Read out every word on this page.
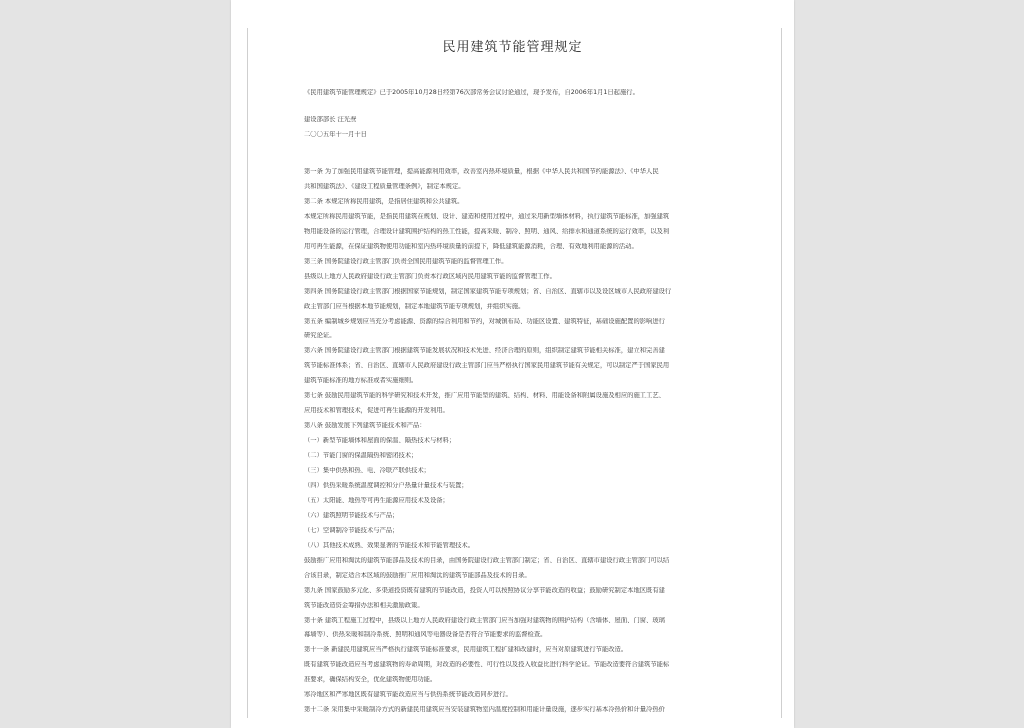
民用建筑节能管理规定
《民用建筑节能管理规定》已于2005年10月28日经第76次部常务会议讨论通过，现予发布，自2006年1月1日起施行。
建设部部长 汪光焘
二〇〇五年十一月十日
第一条 为了加强民用建筑节能管理，提高能源利用效率，改善室内热环境质量，根据《中华人民共和国节约能源法》、《中华人民
共和国建筑法》、《建设工程质量管理条例》，制定本规定。
第二条 本规定所称民用建筑，是指居住建筑和公共建筑。
本规定所称民用建筑节能，是指民用建筑在规划、设计、建造和使用过程中，通过采用新型墙体材料，执行建筑节能标准，加强建筑
物用能设备的运行管理，合理设计建筑围护结构的热工性能，提高采暖、制冷、照明、通风、给排水和通道系统的运行效率，以及利
用可再生能源，在保证建筑物使用功能和室内热环境质量的前提下，降低建筑能源消耗，合理、有效地利用能源的活动。
第三条 国务院建设行政主管部门负责全国民用建筑节能的监督管理工作。
县级以上地方人民政府建设行政主管部门负责本行政区域内民用建筑节能的监督管理工作。
第四条 国务院建设行政主管部门根据国家节能规划，制定国家建筑节能专项规划；省、自治区、直辖市以及设区城市人民政府建设行
政主管部门应当根据本地节能规划，制定本地建筑节能专项规划，并组织实施。
第五条 编制城乡规划应当充分考虑能源、资源的综合利用和节约，对城镇布局、功能区设置、建筑特征，基础设施配置的影响进行
研究论证。
第六条 国务院建设行政主管部门根据建筑节能发展状况和技术先进、经济合理的原则，组织制定建筑节能相关标准，建立和完善建
筑节能标准体系；省、自治区、直辖市人民政府建设行政主管部门应当严格执行国家民用建筑节能有关规定，可以制定严于国家民用
建筑节能标准的地方标准或者实施细则。
第七条 鼓励民用建筑节能的科学研究和技术开发，推广应用节能型的建筑、结构、材料、用能设备和附属设施及相应的施工工艺、
应用技术和管理技术，促进可再生能源的开发利用。
第八条 鼓励发展下列建筑节能技术和产品：
（一）新型节能墙体和屋面的保温、隔热技术与材料；
（二）节能门窗的保温隔热和密闭技术；
（三）集中供热和热、电、冷联产联供技术；
（四）供热采暖系统温度调控和分户热量计量技术与装置；
（五）太阳能、地热等可再生能源应用技术及设备；
（六）建筑照明节能技术与产品；
（七）空调制冷节能技术与产品；
（八）其他技术成熟、效果显著的节能技术和节能管理技术。
鼓励推广应用和淘汰的建筑节能部品及技术的目录，由国务院建设行政主管部门制定；省、自治区、直辖市建设行政主管部门可以结
合该目录，制定适合本区域的鼓励推广应用和淘汰的建筑节能部品及技术的目录。
第九条 国家鼓励多元化、多渠道投资既有建筑的节能改造，投资人可以按照协议分享节能改造的收益；鼓励研究制定本地区既有建
筑节能改造资金筹措办法和相关激励政策。
第十条 建筑工程施工过程中，县级以上地方人民政府建设行政主管部门应当加强对建筑物的围护结构（含墙体、屋面、门窗、玻璃
幕墙等）、供热采暖和制冷系统、照明和通风等电器设备是否符合节能要求的监督检查。
第十一条 新建民用建筑应当严格执行建筑节能标准要求，民用建筑工程扩建和改建时，应当对原建筑进行节能改造。
既有建筑节能改造应当考虑建筑物的寿命周期，对改造的必要性、可行性以及投入收益比进行科学论证。节能改造要符合建筑节能标
准要求，确保结构安全，优化建筑物使用功能。
寒冷地区和严寒地区既有建筑节能改造应当与供热系统节能改造同步进行。
第十二条 采用集中采暖制冷方式的新建民用建筑应当安装建筑物室内温度控制和用能计量设施，逐步实行基本冷热价和计量冷热价
